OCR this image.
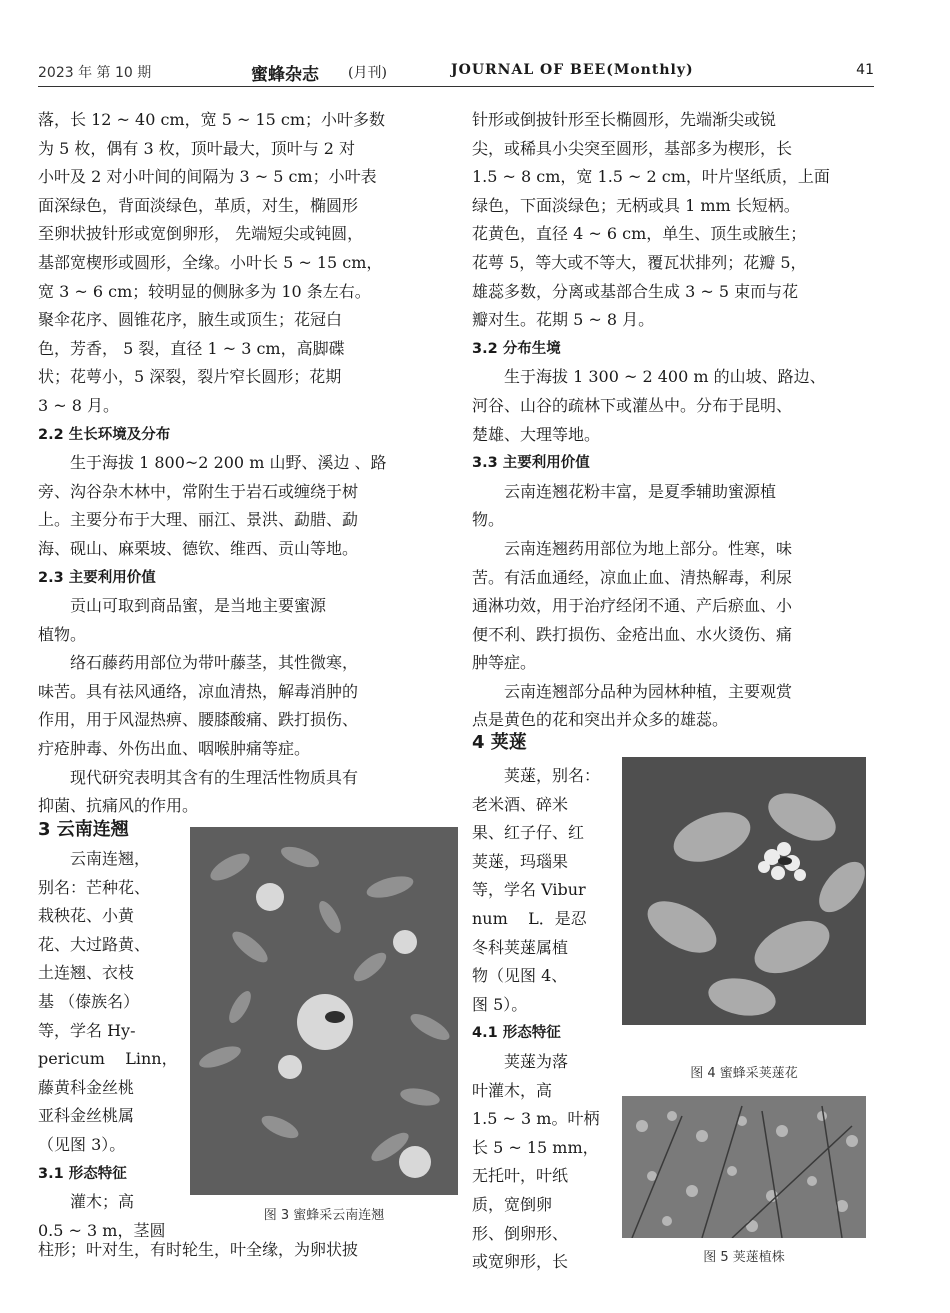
2023 年 第 10 期	蜜蜂杂志 (月刊)	JOURNAL OF BEE(Monthly)	41

落，长 12 ~ 40 cm，宽 5 ~ 15 cm；小叶多数

为 5 枚，偶有 3 枚，顶叶最大，顶叶与 2 对

小叶及 2 对小叶间的间隔为 3 ~ 5 cm；小叶表

面深绿色，背面淡绿色，革质，对生，椭圆形

至卵状披针形或宽倒卵形， 先端短尖或钝圆，

基部宽楔形或圆形，全缘。小叶长 5 ~ 15 cm，

宽 3 ~ 6 cm；较明显的侧脉多为 10 条左右。

聚伞花序、圆锥花序，腋生或顶生；花冠白

色，芳香， 5 裂，直径 1 ~ 3 cm，高脚碟

状；花萼小，5 深裂，裂片窄长圆形；花期

3 ~ 8 月。

2.2 生长环境及分布

生于海拔 1 800~2 200 m 山野、溪边 、路

旁、沟谷杂木林中，常附生于岩石或缠绕于树

上。主要分布于大理、丽江、景洪、勐腊、勐

海、砚山、麻栗坡、德钦、维西、贡山等地。

2.3 主要利用价值

贡山可取到商品蜜，是当地主要蜜源

植物。

络石藤药用部位为带叶藤茎，其性微寒，

味苦。具有祛风通络，凉血清热，解毒消肿的

作用，用于风湿热痹、腰膝酸痛、跌打损伤、

疔疮肿毒、外伤出血、咽喉肿痛等症。

现代研究表明其含有的生理活性物质具有

抑菌、抗痛风的作用。

3 云南连翘

云南连翘，

别名：芒种花、

栽秧花、小黄

花、大过路黄、

土连翘、衣枝

基 （傣族名）

等，学名 Hy-

pericum    Linn，

藤黄科金丝桃

亚科金丝桃属

（见图 3）。

3.1 形态特征

灌木；高

0.5 ~ 3 m，茎圆

柱形；叶对生，有时轮生，叶全缘，为卵状披

图 3 蜜蜂采云南连翘

针形或倒披针形至长椭圆形，先端渐尖或锐

尖，或稀具小尖突至圆形，基部多为楔形，长

1.5 ~ 8 cm，宽 1.5 ~ 2 cm，叶片坚纸质，上面

绿色，下面淡绿色；无柄或具 1 mm 长短柄。

花黄色，直径 4 ~ 6 cm，单生、顶生或腋生；

花萼 5，等大或不等大，覆瓦状排列；花瓣 5，

雄蕊多数，分离或基部合生成 3 ~ 5 束而与花

瓣对生。花期 5 ~ 8 月。

3.2 分布生境

生于海拔 1 300 ~ 2 400 m 的山坡、路边、

河谷、山谷的疏林下或灌丛中。分布于昆明、

楚雄、大理等地。

3.3 主要利用价值

云南连翘花粉丰富，是夏季辅助蜜源植

物。

云南连翘药用部位为地上部分。性寒，味

苦。有活血通经，凉血止血、清热解毒，利尿

通淋功效，用于治疗经闭不通、产后瘀血、小

便不利、跌打损伤、金疮出血、水火烫伤、痛

肿等症。

云南连翘部分品种为园林种植，主要观赏

点是黄色的花和突出并众多的雄蕊。

4 荚蒾

荚蒾，别名：

老米酒、碎米

果、红子仔、红

荚蒾，玛瑙果

等，学名 Vibur

num    L．是忍

冬科荚蒾属植

物（见图 4、

图 5）。

4.1 形态特征

荚蒾为落

叶灌木，高

1.5 ~ 3 m。叶柄

长 5 ~ 15 mm，

无托叶，叶纸

质，宽倒卵

形、倒卵形、

或宽卵形，长

图 4 蜜蜂采荚蒾花
图 5 荚蒾植株
